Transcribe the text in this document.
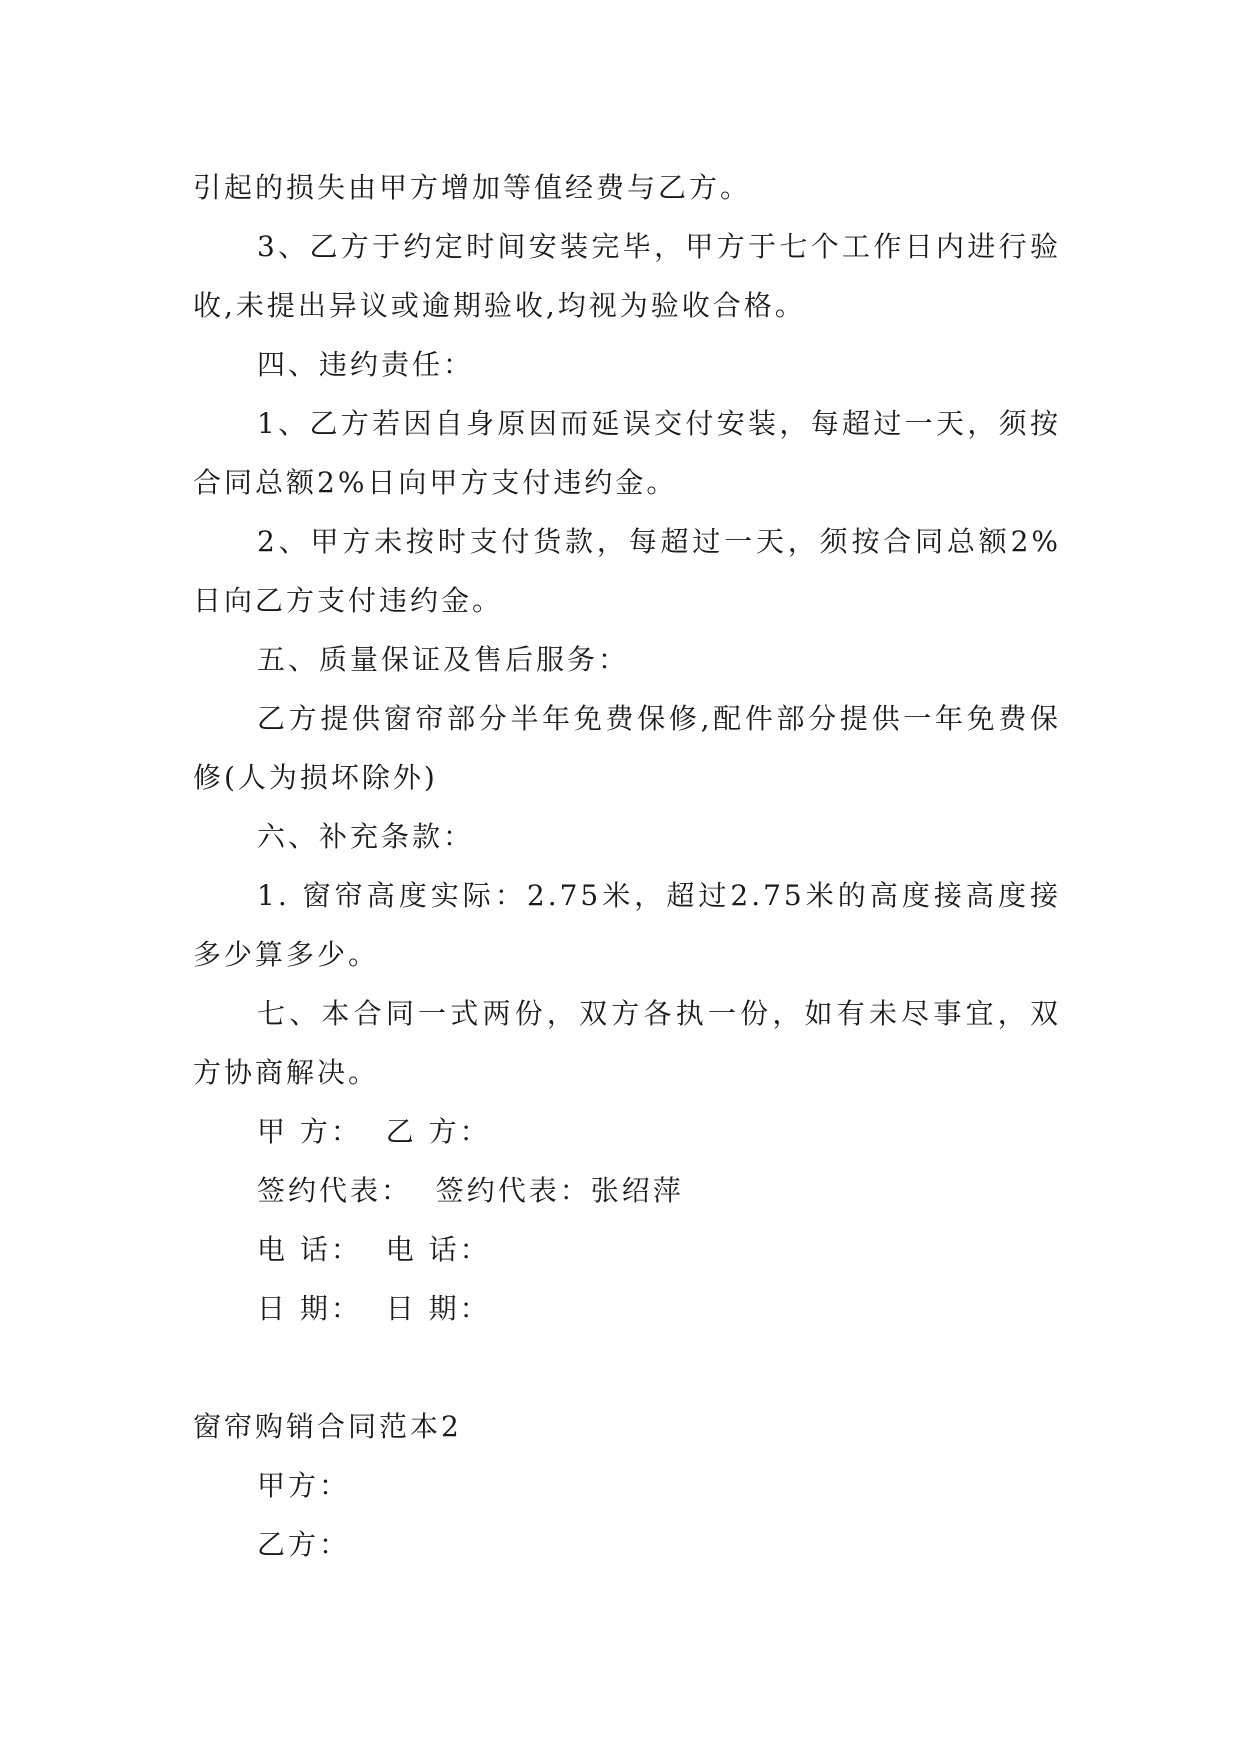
引起的损失由甲方增加等值经费与乙方。

3、乙方于约定时间安装完毕，甲方于七个工作日内进行验收,未提出异议或逾期验收,均视为验收合格。

四、违约责任：

1、乙方若因自身原因而延误交付安装，每超过一天，须按合同总额2%日向甲方支付违约金。

2、甲方未按时支付货款，每超过一天，须按合同总额2%日向乙方支付违约金。

五、质量保证及售后服务：

乙方提供窗帘部分半年免费保修,配件部分提供一年免费保修(人为损坏除外)

六、补充条款：

1. 窗帘高度实际：2.75米，超过2.75米的高度接高度接多少算多少。

七、本合同一式两份，双方各执一份，如有未尽事宜，双方协商解决。

甲 方：  乙 方：

签约代表：  签约代表：张绍萍

电 话：  电 话：

日 期：  日 期：

窗帘购销合同范本2

甲方：

乙方：
